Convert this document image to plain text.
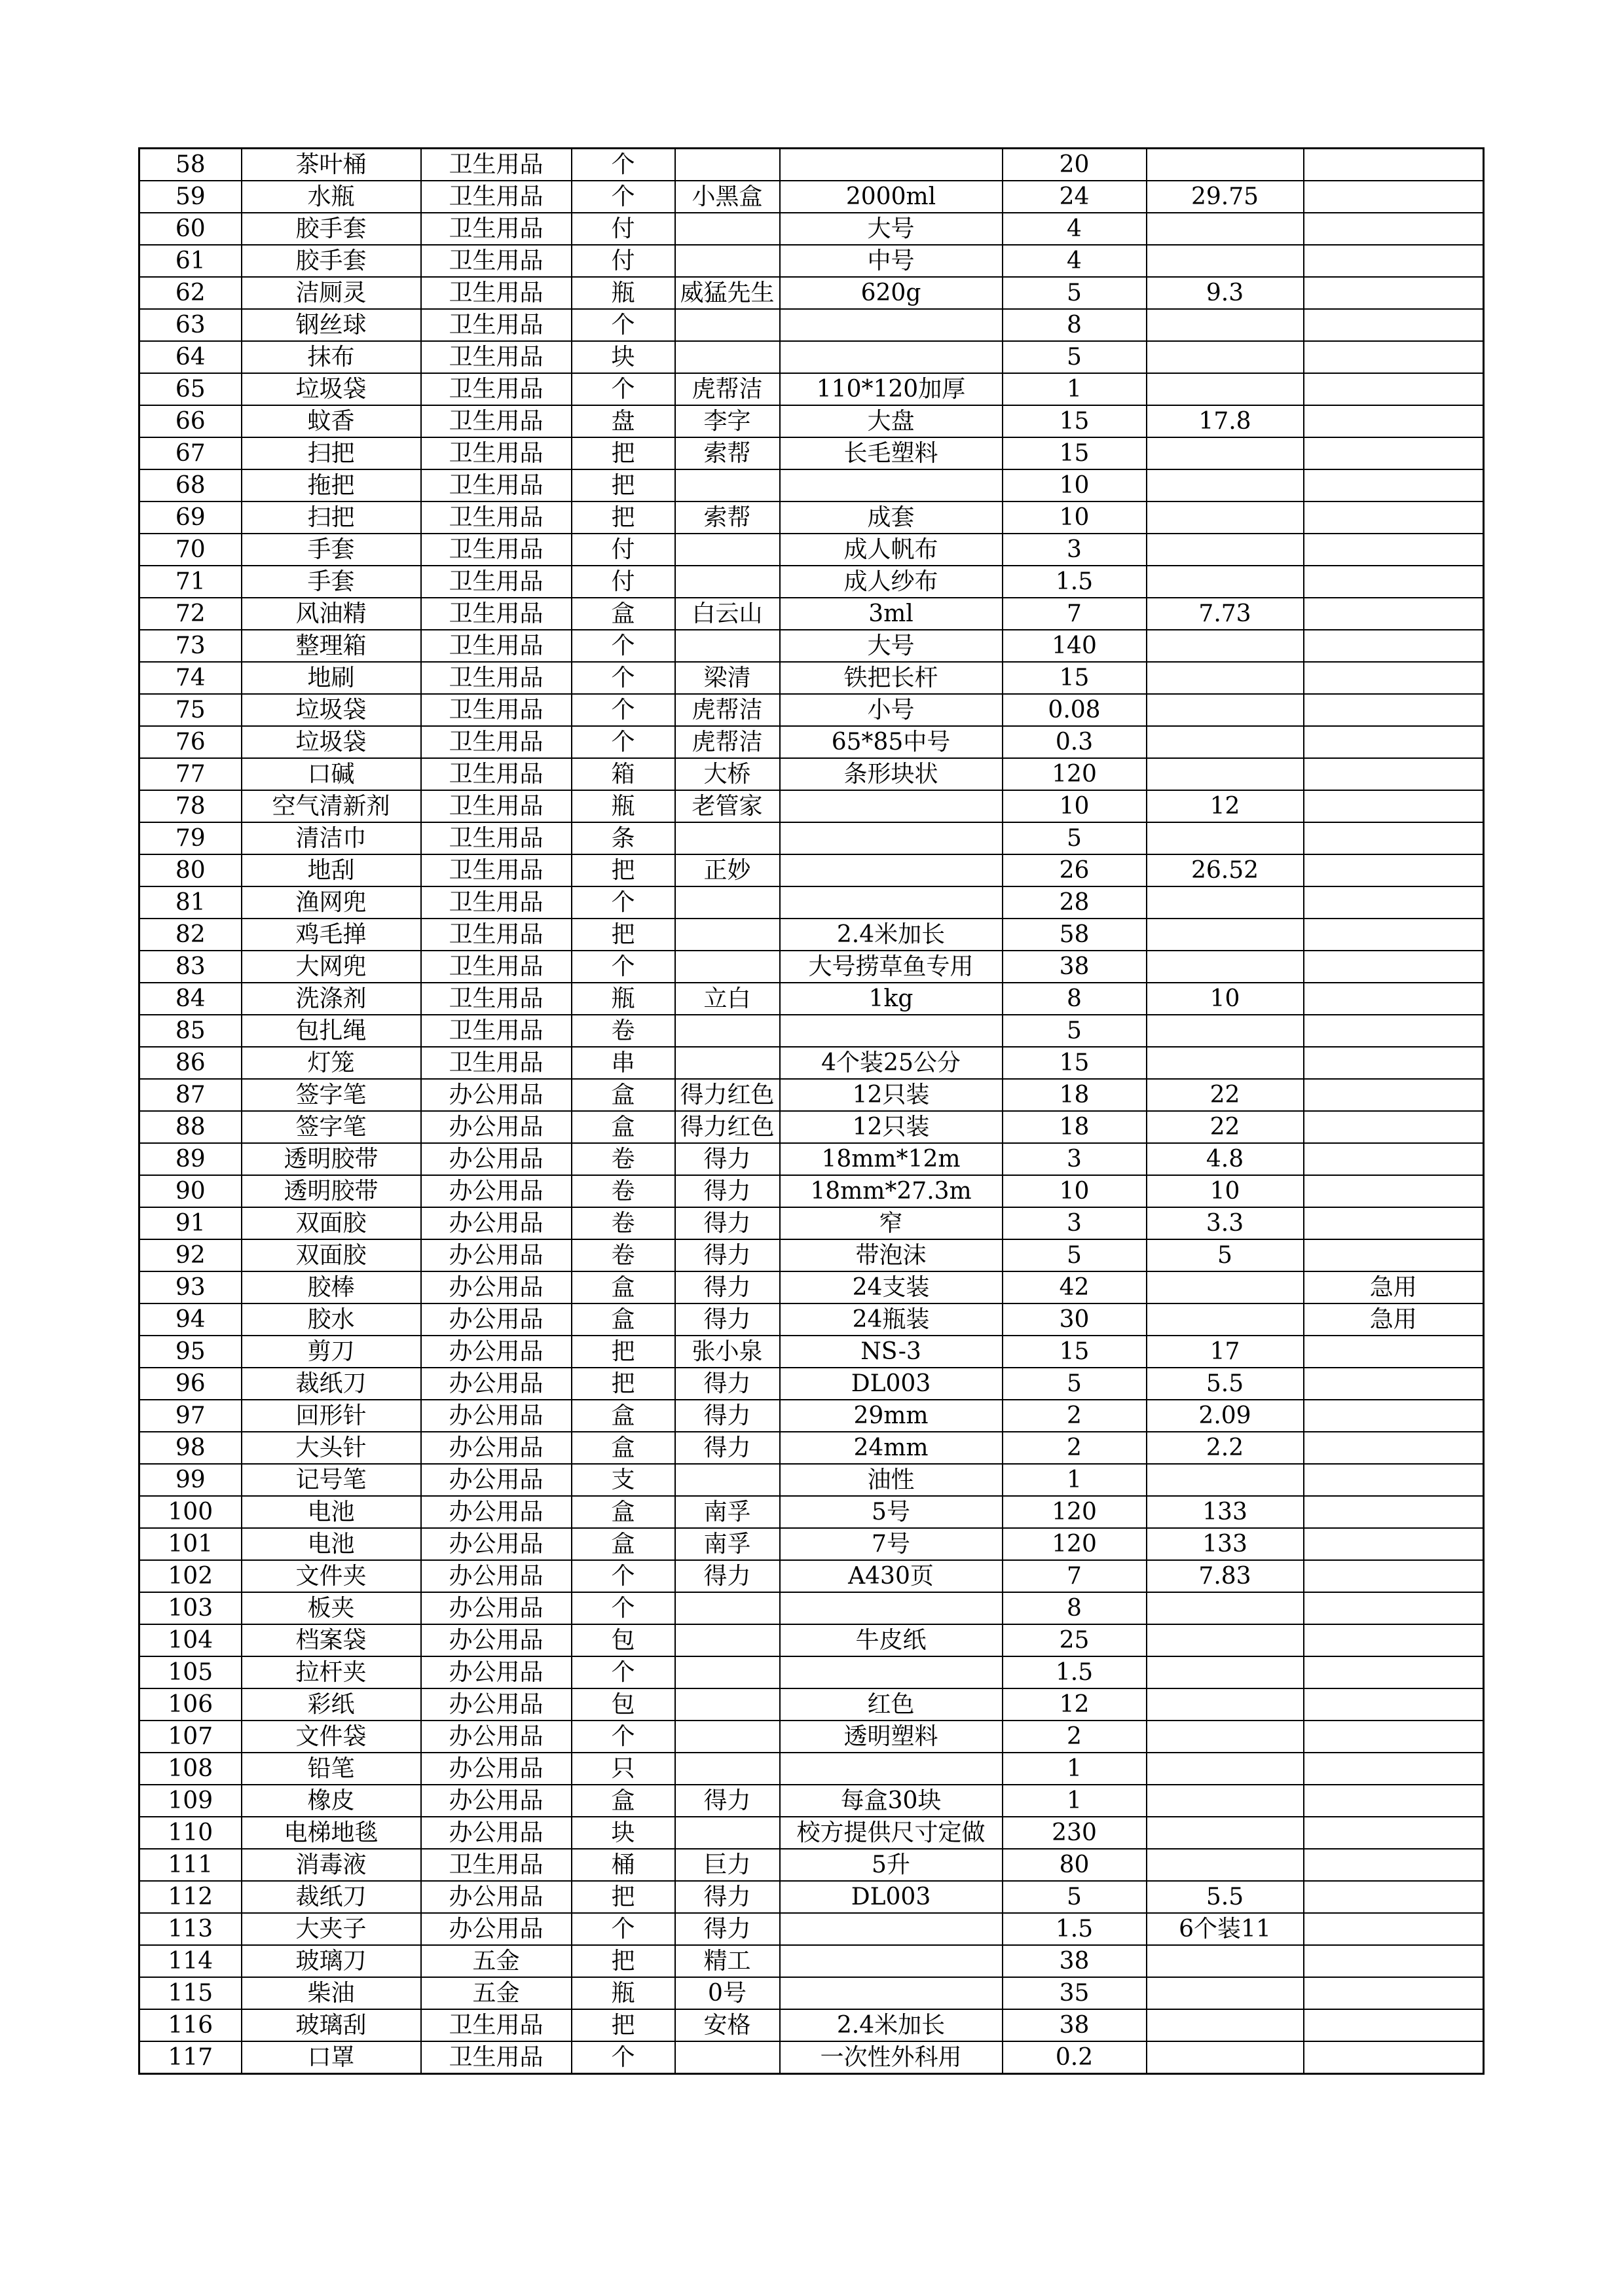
58	茶叶桶	卫生用品	个			20		
59	水瓶	卫生用品	个	小黑盒	2000ml	24	29.75	
60	胶手套	卫生用品	付		大号	4		
61	胶手套	卫生用品	付		中号	4		
62	洁厕灵	卫生用品	瓶	威猛先生	620g	5	9.3	
63	钢丝球	卫生用品	个			8		
64	抹布	卫生用品	块			5		
65	垃圾袋	卫生用品	个	虎帮洁	110*120加厚	1		
66	蚊香	卫生用品	盘	李字	大盘	15	17.8	
67	扫把	卫生用品	把	索帮	长毛塑料	15		
68	拖把	卫生用品	把			10		
69	扫把	卫生用品	把	索帮	成套	10		
70	手套	卫生用品	付		成人帆布	3		
71	手套	卫生用品	付		成人纱布	1.5		
72	风油精	卫生用品	盒	白云山	3ml	7	7.73	
73	整理箱	卫生用品	个		大号	140		
74	地刷	卫生用品	个	梁清	铁把长杆	15		
75	垃圾袋	卫生用品	个	虎帮洁	小号	0.08		
76	垃圾袋	卫生用品	个	虎帮洁	65*85中号	0.3		
77	口碱	卫生用品	箱	大桥	条形块状	120		
78	空气清新剂	卫生用品	瓶	老管家		10	12	
79	清洁巾	卫生用品	条			5		
80	地刮	卫生用品	把	正妙		26	26.52	
81	渔网兜	卫生用品	个			28		
82	鸡毛掸	卫生用品	把		2.4米加长	58		
83	大网兜	卫生用品	个		大号捞草鱼专用	38		
84	洗涤剂	卫生用品	瓶	立白	1kg	8	10	
85	包扎绳	卫生用品	卷			5		
86	灯笼	卫生用品	串		4个装25公分	15		
87	签字笔	办公用品	盒	得力红色	12只装	18	22	
88	签字笔	办公用品	盒	得力红色	12只装	18	22	
89	透明胶带	办公用品	卷	得力	18mm*12m	3	4.8	
90	透明胶带	办公用品	卷	得力	18mm*27.3m	10	10	
91	双面胶	办公用品	卷	得力	窄	3	3.3	
92	双面胶	办公用品	卷	得力	带泡沫	5	5	
93	胶棒	办公用品	盒	得力	24支装	42		急用
94	胶水	办公用品	盒	得力	24瓶装	30		急用
95	剪刀	办公用品	把	张小泉	NS-3	15	17	
96	裁纸刀	办公用品	把	得力	DL003	5	5.5	
97	回形针	办公用品	盒	得力	29mm	2	2.09	
98	大头针	办公用品	盒	得力	24mm	2	2.2	
99	记号笔	办公用品	支		油性	1		
100	电池	办公用品	盒	南孚	5号	120	133	
101	电池	办公用品	盒	南孚	7号	120	133	
102	文件夹	办公用品	个	得力	A430页	7	7.83	
103	板夹	办公用品	个			8		
104	档案袋	办公用品	包		牛皮纸	25		
105	拉杆夹	办公用品	个			1.5		
106	彩纸	办公用品	包		红色	12		
107	文件袋	办公用品	个		透明塑料	2		
108	铅笔	办公用品	只			1		
109	橡皮	办公用品	盒	得力	每盒30块	1		
110	电梯地毯	办公用品	块		校方提供尺寸定做	230		
111	消毒液	卫生用品	桶	巨力	5升	80		
112	裁纸刀	办公用品	把	得力	DL003	5	5.5	
113	大夹子	办公用品	个	得力		1.5	6个装11	
114	玻璃刀	五金	把	精工		38		
115	柴油	五金	瓶	0号		35		
116	玻璃刮	卫生用品	把	安格	2.4米加长	38		
117	口罩	卫生用品	个		一次性外科用	0.2		
